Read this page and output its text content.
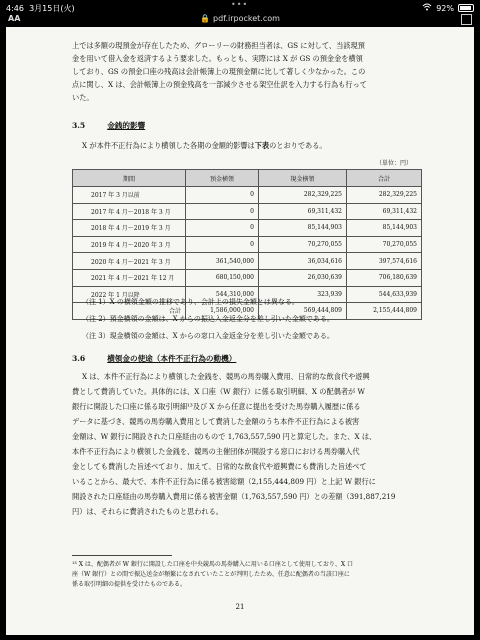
4:46 3月15日(火)	•••	92%
AA	🔒 pdf.irpocket.com

上では多額の現預金が存在したため、グローリーの財務担当者は、GS に対して、当該現預

金を用いて借入金を返済するよう要求した。もっとも、実際には X が GS の預金金を横領

しており、GS の預金口座の残高は会計帳簿上の現預金額に比して著しく少なかった。この

点に関し、X は、会計帳簿上の預金残高を一部減少させる架空仕訳を入力する行為も行って

いた。

3.5	金銭的影響

X が本件不正行為により横領した各期の金額的影響は下表のとおりである。

（単位：円）
期間	預金横領	現金横領	合計
2017 年 3 月以前	0	282,329,225	282,329,225
2017 年 4 月～2018 年 3 月	0	69,311,432	69,311,432
2018 年 4 月～2019 年 3 月	0	85,144,903	85,144,903
2019 年 4 月～2020 年 3 月	0	70,270,055	70,270,055
2020 年 4 月～2021 年 3 月	361,540,000	36,034,616	397,574,616
2021 年 4 月～2021 年 12 月	680,150,000	26,030,639	706,180,639
2022 年 1 月以降	544,310,000	323,939	544,633,939
合計	1,586,000,000	569,444,809	2,155,444,809
（注 1）X の横領金額の推移であり、会計上の損失金額とは異なる。
（注 2）預金横領の金額は、X からの振込入金返金分を差し引いた金額である。
（注 3）現金横領の金額は、X からの窓口入金返金分を差し引いた金額である。
3.6	横領金の使途（本件不正行為の動機）

X は、本件不正行為により横領した金銭を、競馬の馬券購入費用、日常的な飲食代や遊興

費として費消していた。具体的には、X 口座（W 銀行）に係る取引明細、X の配偶者が W

銀行に開設した口座に係る取引明細¹³及び X から任意に提出を受けた馬券購入履歴に係る

データに基づき、競馬の馬券購入費用として費消した金額のうち本件不正行為による被害

金額は、W 銀行に開設された口座経由のもので 1,763,557,590 円と算定した。また、X は、

本件不正行為により横領した金銭を、競馬の主催団体が開設する窓口における馬券購入代

金としても費消した旨述べており、加えて、日常的な飲食代や遊興費にも費消した旨述べて

いることから、最大で、本件不正行為に係る被害総額（2,155,444,809 円）と上記 W 銀行に

開設された口座経由の馬券購入費用に係る被害金額（1,763,557,590 円）との差額（391,887,219

円）は、それらに費消されたものと思われる。

¹³ X は、配偶者が W 銀行に開設した口座を中央競馬の馬券購入に用いる口座として使用しており、X 口
座（W 銀行）との間で振込送金が頻繁になされていたことが判明したため、任意に配偶者の当該口座に
係る取引明細の提供を受けたものである。
21
